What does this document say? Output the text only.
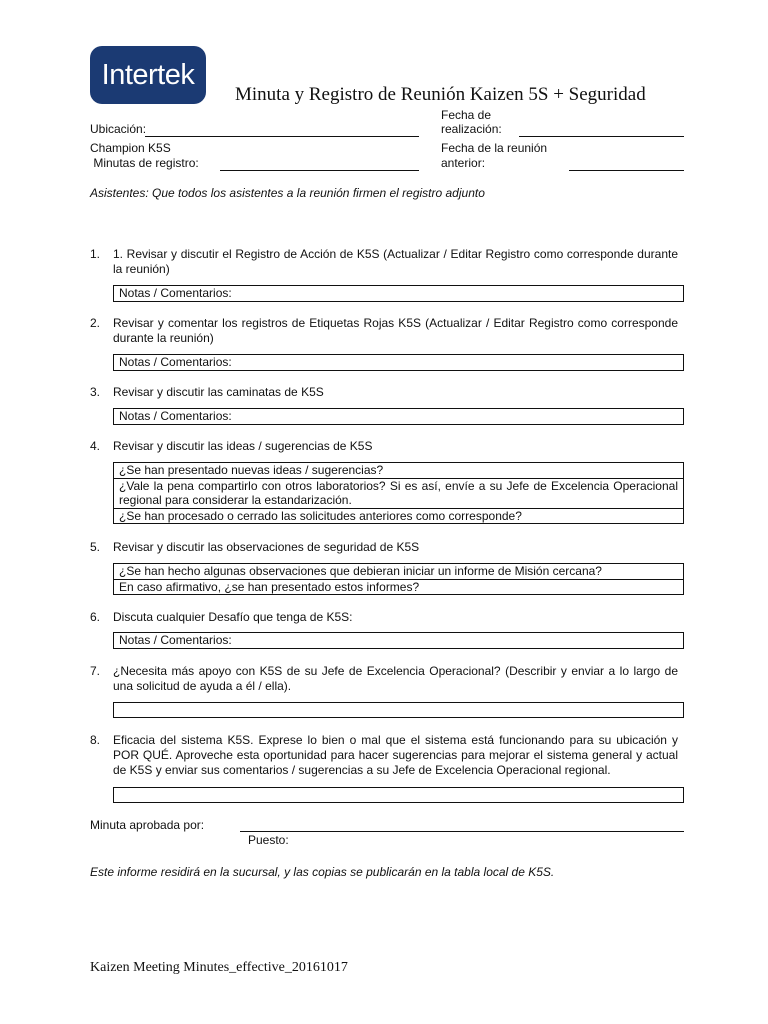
Intertek
Minuta y Registro de Reunión Kaizen 5S + Seguridad
Ubicación:
Fecha de
realización:
Champion K5S
Minutas de registro:
Fecha de la reunión
anterior:
Asistentes: Que todos los asistentes a la reunión firmen el registro adjunto
1. 1. Revisar y discutir el Registro de Acción de K5S (Actualizar / Editar Registro como corresponde durante la reunión)
Notas / Comentarios:
2. Revisar y comentar los registros de Etiquetas Rojas K5S (Actualizar / Editar Registro como corresponde durante la reunión)
Notas / Comentarios:
3. Revisar y discutir las caminatas de K5S
Notas / Comentarios:
4. Revisar y discutir las ideas / sugerencias de K5S
¿Se han presentado nuevas ideas / sugerencias?
¿Vale la pena compartirlo con otros laboratorios? Si es así, envíe a su Jefe de Excelencia Operacional regional para considerar la estandarización.
¿Se han procesado o cerrado las solicitudes anteriores como corresponde?
5. Revisar y discutir las observaciones de seguridad de K5S
¿Se han hecho algunas observaciones que debieran iniciar un informe de Misión cercana?
En caso afirmativo, ¿se han presentado estos informes?
6. Discuta cualquier Desafío que tenga de K5S:
Notas / Comentarios:
7. ¿Necesita más apoyo con K5S de su Jefe de Excelencia Operacional? (Describir y enviar a lo largo de una solicitud de ayuda a él / ella).
8. Eficacia del sistema K5S. Exprese lo bien o mal que el sistema está funcionando para su ubicación y POR QUÉ. Aproveche esta oportunidad para hacer sugerencias para mejorar el sistema general y actual de K5S y enviar sus comentarios / sugerencias a su Jefe de Excelencia Operacional regional.
Minuta aprobada por:
Puesto:
Este informe residirá en la sucursal, y las copias se publicarán en la tabla local de K5S.
Kaizen Meeting Minutes_effective_20161017
